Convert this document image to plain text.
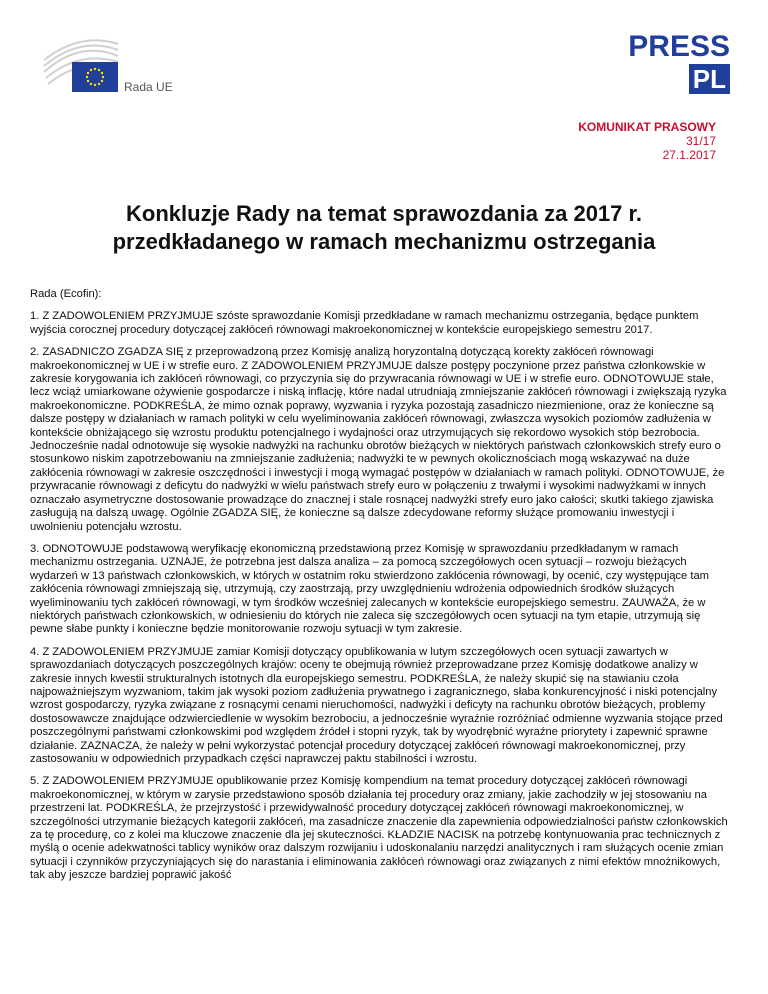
Rada UE
PRESS
PL
KOMUNIKAT PRASOWY
31/17
27.1.2017
Konkluzje Rady na temat sprawozdania za 2017 r. przedkładanego w ramach mechanizmu ostrzegania

Rada (Ecofin):

1. Z ZADOWOLENIEM PRZYJMUJE szóste sprawozdanie Komisji przedkładane w ramach mechanizmu ostrzegania, będące punktem wyjścia corocznej procedury dotyczącej zakłóceń równowagi makroekonomicznej w kontekście europejskiego semestru 2017.

2. ZASADNICZO ZGADZA SIĘ z przeprowadzoną przez Komisję analizą horyzontalną dotyczącą korekty zakłóceń równowagi makroekonomicznej w UE i w strefie euro. Z ZADOWOLENIEM PRZYJMUJE dalsze postępy poczynione przez państwa członkowskie w zakresie korygowania ich zakłóceń równowagi, co przyczynia się do przywracania równowagi w UE i w strefie euro. ODNOTOWUJE stałe, lecz wciąż umiarkowane ożywienie gospodarcze i niską inflację, które nadal utrudniają zmniejszanie zakłóceń równowagi i zwiększają ryzyka makroekonomiczne. PODKREŚLA, że mimo oznak poprawy, wyzwania i ryzyka pozostają zasadniczo niezmienione, oraz że konieczne są dalsze postępy w działaniach w ramach polityki w celu wyeliminowania zakłóceń równowagi, zwłaszcza wysokich poziomów zadłużenia w kontekście obniżającego się wzrostu produktu potencjalnego i wydajności oraz utrzymujących się rekordowo wysokich stóp bezrobocia. Jednocześnie nadal odnotowuje się wysokie nadwyżki na rachunku obrotów bieżących w niektórych państwach członkowskich strefy euro o stosunkowo niskim zapotrzebowaniu na zmniejszanie zadłużenia; nadwyżki te w pewnych okolicznościach mogą wskazywać na duże zakłócenia równowagi w zakresie oszczędności i inwestycji i mogą wymagać postępów w działaniach w ramach polityki. ODNOTOWUJE, że przywracanie równowagi z deficytu do nadwyżki w wielu państwach strefy euro w połączeniu z trwałymi i wysokimi nadwyżkami w innych oznaczało asymetryczne dostosowanie prowadzące do znacznej i stale rosnącej nadwyżki strefy euro jako całości; skutki takiego zjawiska zasługują na dalszą uwagę. Ogólnie ZGADZA SIĘ, że konieczne są dalsze zdecydowane reformy służące promowaniu inwestycji i uwolnieniu potencjału wzrostu.

3. ODNOTOWUJE podstawową weryfikację ekonomiczną przedstawioną przez Komisję w sprawozdaniu przedkładanym w ramach mechanizmu ostrzegania. UZNAJE, że potrzebna jest dalsza analiza – za pomocą szczegółowych ocen sytuacji – rozwoju bieżących wydarzeń w 13 państwach członkowskich, w których w ostatnim roku stwierdzono zakłócenia równowagi, by ocenić, czy występujące tam zakłócenia równowagi zmniejszają się, utrzymują, czy zaostrzają, przy uwzględnieniu wdrożenia odpowiednich środków służących wyeliminowaniu tych zakłóceń równowagi, w tym środków wcześniej zalecanych w kontekście europejskiego semestru. ZAUWAŻA, że w niektórych państwach członkowskich, w odniesieniu do których nie zaleca się szczegółowych ocen sytuacji na tym etapie, utrzymują się pewne słabe punkty i konieczne będzie monitorowanie rozwoju sytuacji w tym zakresie.

4. Z ZADOWOLENIEM PRZYJMUJE zamiar Komisji dotyczący opublikowania w lutym szczegółowych ocen sytuacji zawartych w sprawozdaniach dotyczących poszczególnych krajów: oceny te obejmują również przeprowadzane przez Komisję dodatkowe analizy w zakresie innych kwestii strukturalnych istotnych dla europejskiego semestru. PODKREŚLA, że należy skupić się na stawianiu czoła najpoważniejszym wyzwaniom, takim jak wysoki poziom zadłużenia prywatnego i zagranicznego, słaba konkurencyjność i niski potencjalny wzrost gospodarczy, ryzyka związane z rosnącymi cenami nieruchomości, nadwyżki i deficyty na rachunku obrotów bieżących, problemy dostosowawcze znajdujące odzwierciedlenie w wysokim bezrobociu, a jednocześnie wyraźnie rozróżniać odmienne wyzwania stojące przed poszczególnymi państwami członkowskimi pod względem źródeł i stopni ryzyk, tak by wyodrębnić wyraźne priorytety i zapewnić sprawne działanie. ZAZNACZA, że należy w pełni wykorzystać potencjał procedury dotyczącej zakłóceń równowagi makroekonomicznej, przy zastosowaniu w odpowiednich przypadkach części naprawczej paktu stabilności i wzrostu.

5. Z ZADOWOLENIEM PRZYJMUJE opublikowanie przez Komisję kompendium na temat procedury dotyczącej zakłóceń równowagi makroekonomicznej, w którym w zarysie przedstawiono sposób działania tej procedury oraz zmiany, jakie zachodziły w jej stosowaniu na przestrzeni lat. PODKREŚLA, że przejrzystość i przewidywalność procedury dotyczącej zakłóceń równowagi makroekonomicznej, w szczególności utrzymanie bieżących kategorii zakłóceń, ma zasadnicze znaczenie dla zapewnienia odpowiedzialności państw członkowskich za tę procedurę, co z kolei ma kluczowe znaczenie dla jej skuteczności. KŁADZIE NACISK na potrzebę kontynuowania prac technicznych z myślą o ocenie adekwatności tablicy wyników oraz dalszym rozwijaniu i udoskonalaniu narzędzi analitycznych i ram służących ocenie zmian sytuacji i czynników przyczyniających się do narastania i eliminowania zakłóceń równowagi oraz związanych z nimi efektów mnożnikowych, tak aby jeszcze bardziej poprawić jakość
